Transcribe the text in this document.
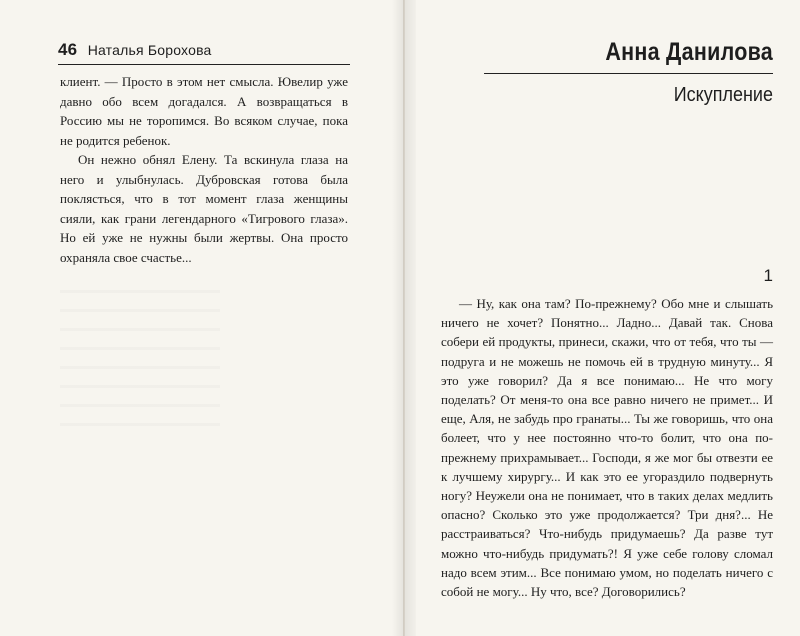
46 Наталья Борохова

клиент. — Просто в этом нет смысла. Ювелир уже давно обо всем догадался. А возвращаться в Россию мы не торопимся. Во всяком случае, пока не родится ребенок.

Он нежно обнял Елену. Та вскинула глаза на него и улыбнулась. Дубровская готова была поклясться, что в тот момент глаза женщины сияли, как грани легендарного «Тигрового глаза». Но ей уже не нужны были жертвы. Она просто охраняла свое счастье...

Анна Данилова
Искупление
1

— Ну, как она там? По-прежнему? Обо мне и слышать ничего не хочет? Понятно... Ладно... Давай так. Снова собери ей продукты, принеси, скажи, что от тебя, что ты — подруга и не можешь не помочь ей в трудную минуту... Я это уже говорил? Да я все понимаю... Не что могу поделать? От меня-то она все равно ничего не примет... И еще, Аля, не забудь про гранаты... Ты же говоришь, что она болеет, что у нее постоянно что-то болит, что она по-прежнему прихрамывает... Господи, я же мог бы отвезти ее к лучшему хирургу... И как это ее угораздило подвернуть ногу? Неужели она не понимает, что в таких делах медлить опасно? Сколько это уже продолжается? Три дня?... Не расстраиваться? Что-нибудь придумаешь? Да разве тут можно что-нибудь придумать?! Я уже себе голову сломал надо всем этим... Все понимаю умом, но поделать ничего с собой не могу... Ну что, все? Договорились?
